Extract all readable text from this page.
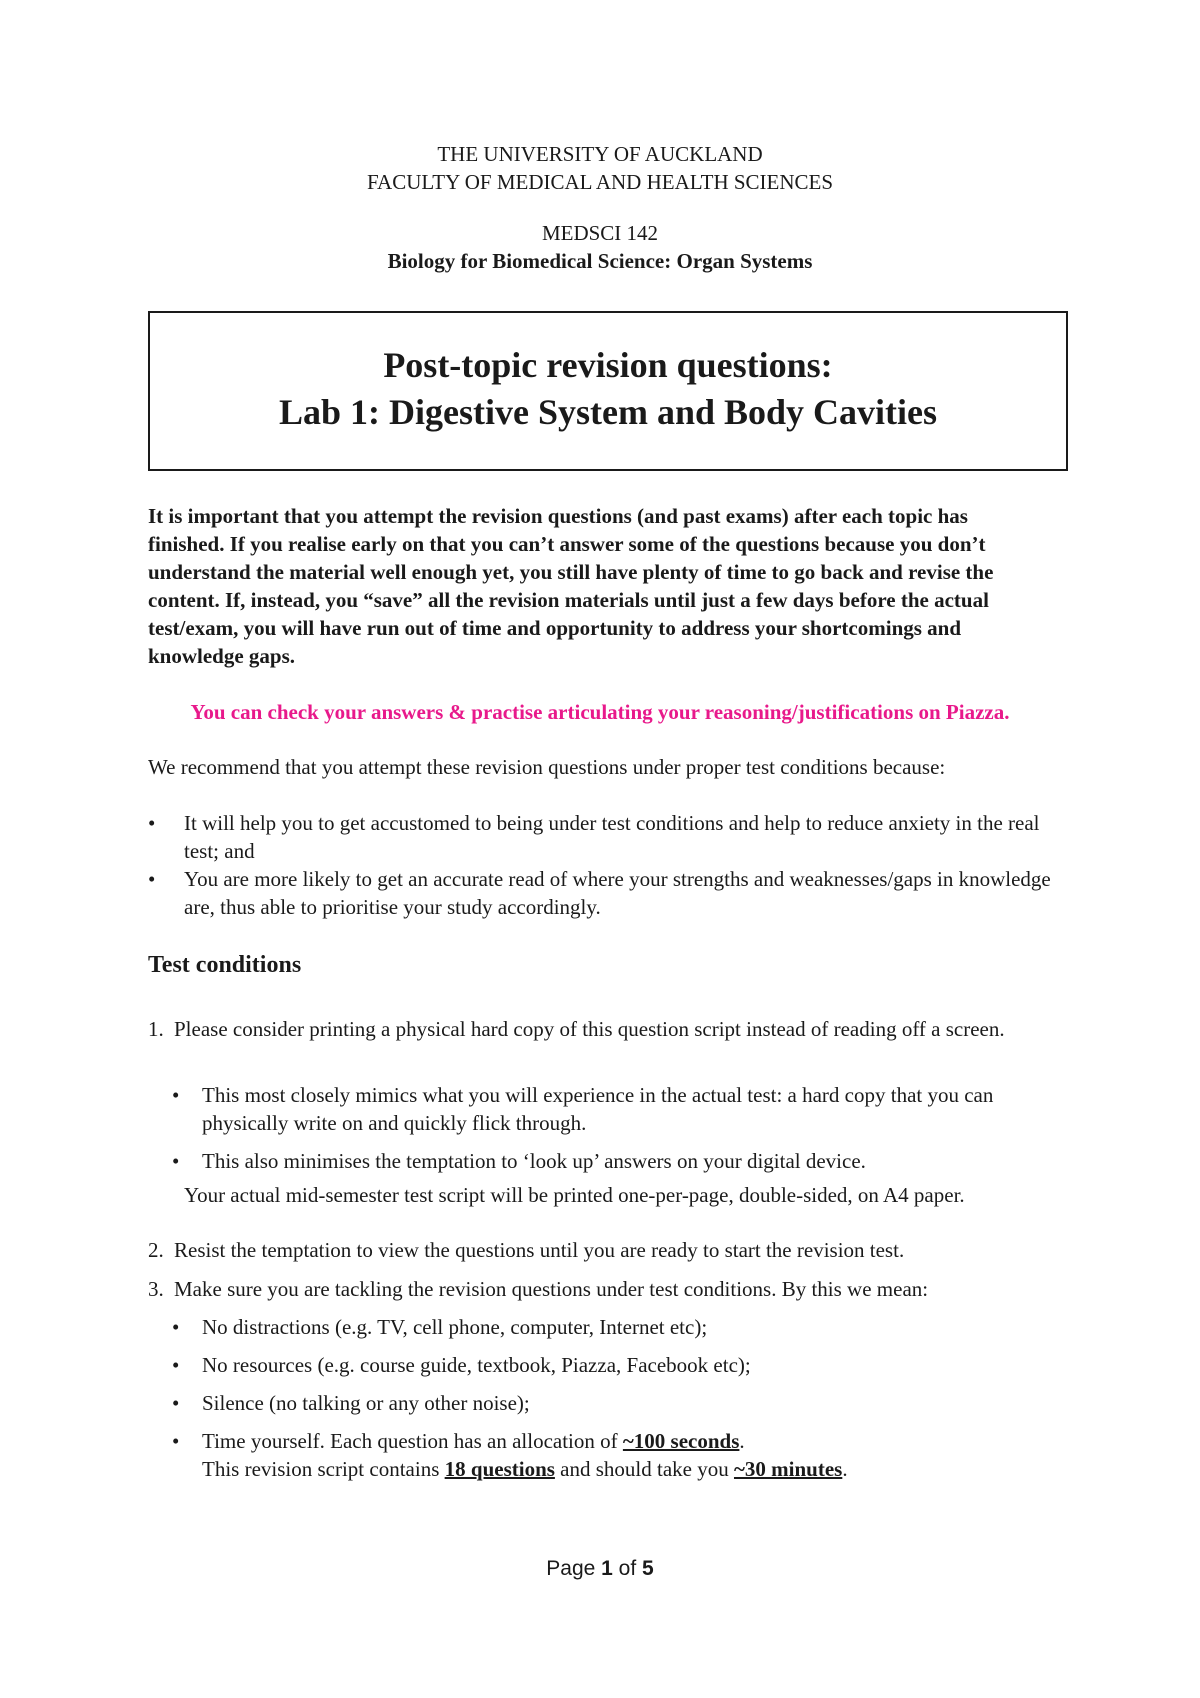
THE UNIVERSITY OF AUCKLAND
FACULTY OF MEDICAL AND HEALTH SCIENCES
MEDSCI 142
Biology for Biomedical Science: Organ Systems
Post-topic revision questions:
Lab 1: Digestive System and Body Cavities
It is important that you attempt the revision questions (and past exams) after each topic has finished. If you realise early on that you can’t answer some of the questions because you don’t understand the material well enough yet, you still have plenty of time to go back and revise the content. If, instead, you “save” all the revision materials until just a few days before the actual test/exam, you will have run out of time and opportunity to address your shortcomings and knowledge gaps.
You can check your answers & practise articulating your reasoning/justifications on Piazza.
We recommend that you attempt these revision questions under proper test conditions because:
• It will help you to get accustomed to being under test conditions and help to reduce anxiety in the real test; and
• You are more likely to get an accurate read of where your strengths and weaknesses/gaps in knowledge are, thus able to prioritise your study accordingly.
Test conditions
1. Please consider printing a physical hard copy of this question script instead of reading off a screen.
• This most closely mimics what you will experience in the actual test: a hard copy that you can physically write on and quickly flick through.
• This also minimises the temptation to ‘look up’ answers on your digital device.
Your actual mid-semester test script will be printed one-per-page, double-sided, on A4 paper.
2. Resist the temptation to view the questions until you are ready to start the revision test.
3. Make sure you are tackling the revision questions under test conditions. By this we mean:
• No distractions (e.g. TV, cell phone, computer, Internet etc);
• No resources (e.g. course guide, textbook, Piazza, Facebook etc);
• Silence (no talking or any other noise);
• Time yourself. Each question has an allocation of ~100 seconds.
This revision script contains 18 questions and should take you ~30 minutes.
Page 1 of 5
